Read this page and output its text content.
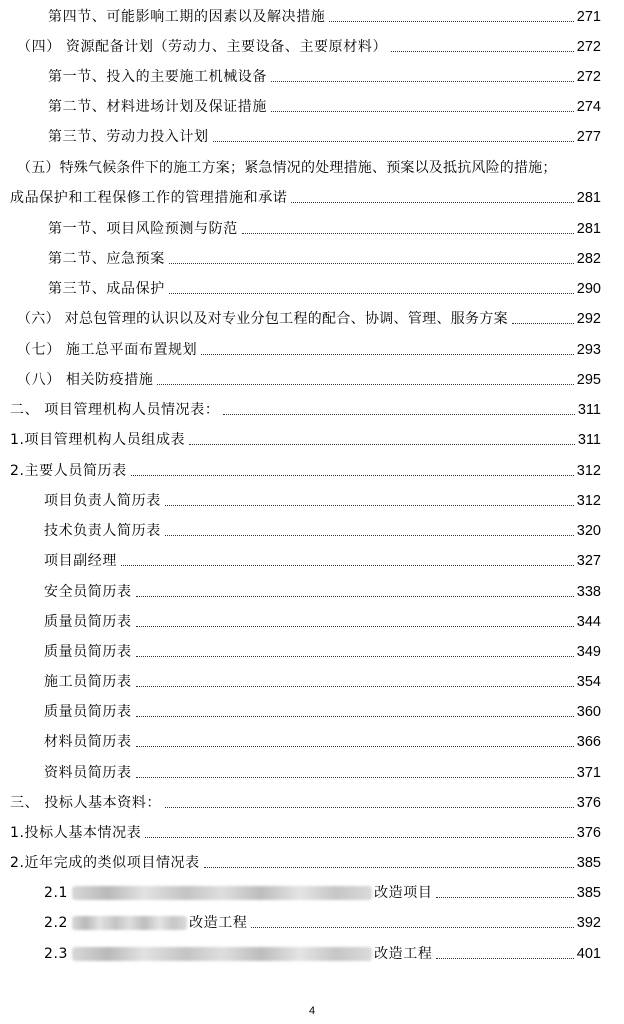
第四节、可能影响工期的因素以及解决措施	271
（四） 资源配备计划（劳动力、主要设备、主要原材料）	272
第一节、投入的主要施工机械设备	272
第二节、材料进场计划及保证措施	274
第三节、劳动力投入计划	277
（五）特殊气候条件下的施工方案；紧急情况的处理措施、预案以及抵抗风险的措施；
成品保护和工程保修工作的管理措施和承诺	281
第一节、项目风险预测与防范	281
第二节、应急预案	282
第三节、成品保护	290
（六） 对总包管理的认识以及对专业分包工程的配合、协调、管理、服务方案	292
（七） 施工总平面布置规划	293
（八） 相关防疫措施	295
二、 项目管理机构人员情况表：	311
1.项目管理机构人员组成表	311
2.主要人员简历表	312
项目负责人简历表	312
技术负责人简历表	320
项目副经理	327
安全员简历表	338
质量员简历表	344
质量员简历表	349
施工员简历表	354
质量员简历表	360
材料员简历表	366
资料员简历表	371
三、 投标人基本资料：	376
1.投标人基本情况表	376
2.近年完成的类似项目情况表	385
2.1	改造项目	385
2.2	改造工程	392
2.3	改造工程	401
4
